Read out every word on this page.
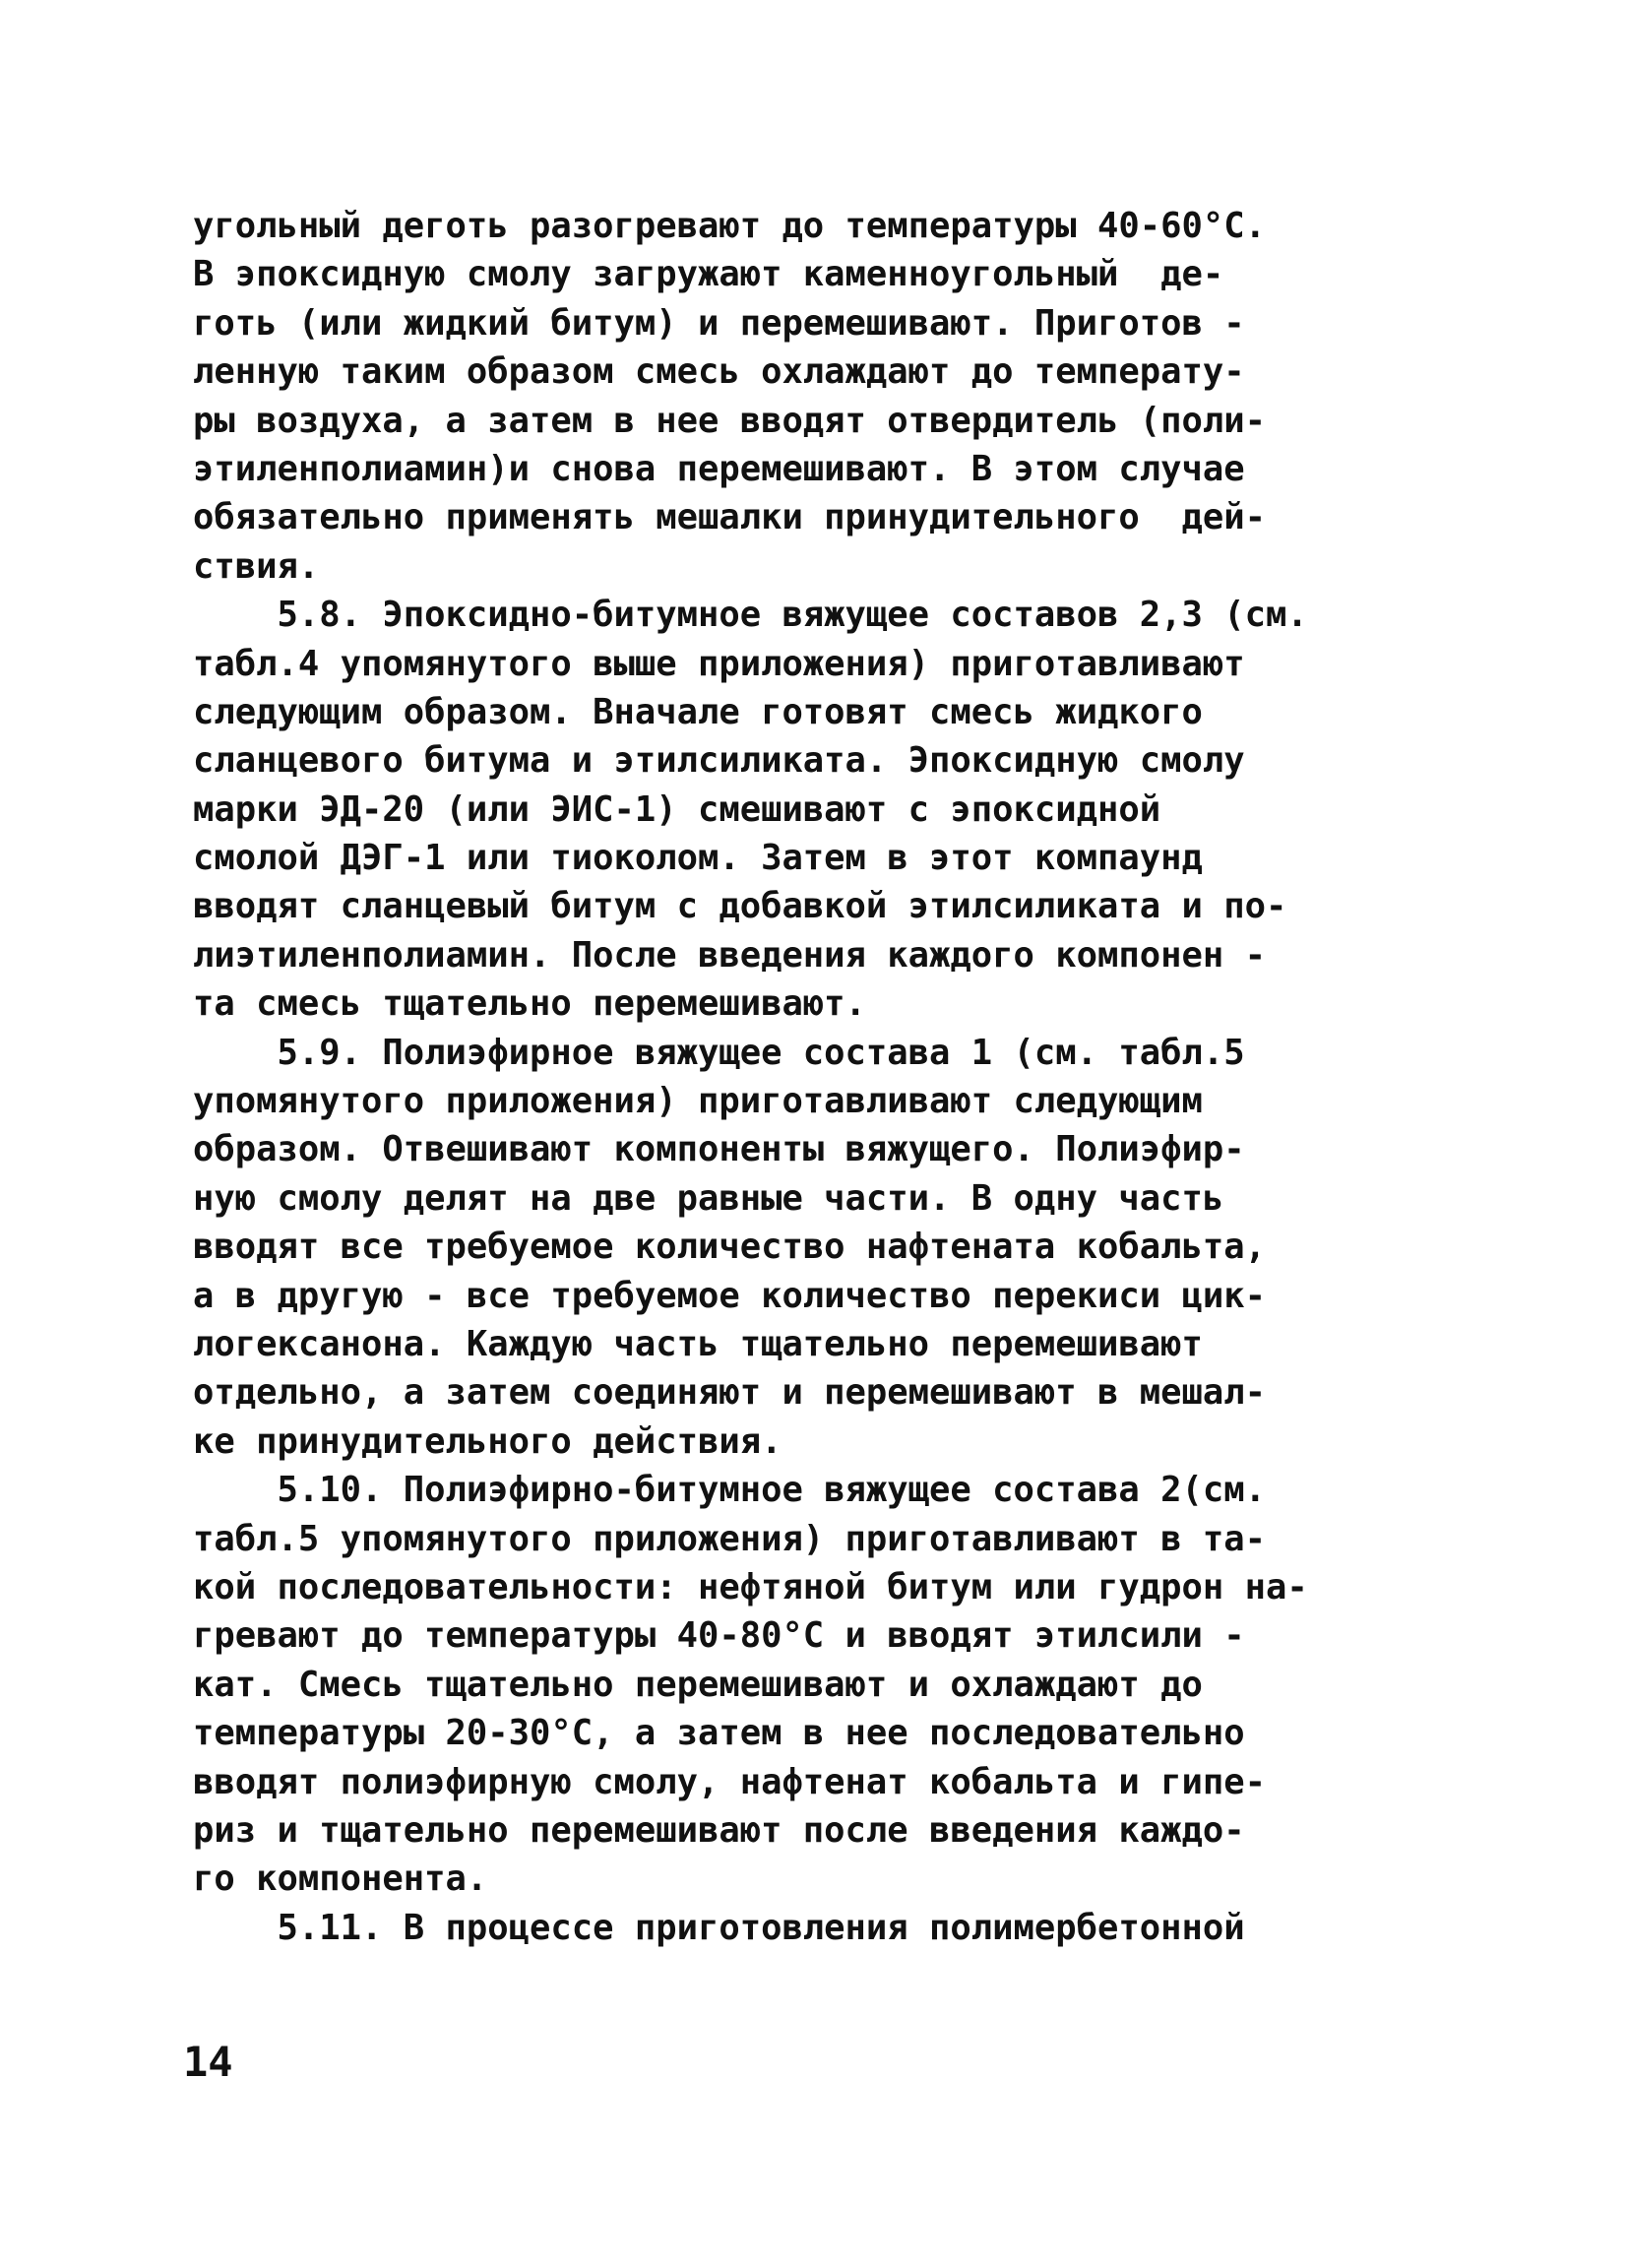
угольный деготь разогревают до температуры 40-60°С.
В эпоксидную смолу загружают каменноугольный  де-
готь (или жидкий битум) и перемешивают. Приготов -
ленную таким образом смесь охлаждают до температу-
ры воздуха, а затем в нее вводят отвердитель (поли-
этиленполиамин)и снова перемешивают. В этом случае
обязательно применять мешалки принудительного  дей-
ствия.
5.8. Эпоксидно-битумное вяжущее составов 2,3 (см.
табл.4 упомянутого выше приложения) приготавливают
следующим образом. Вначале готовят смесь жидкого
сланцевого битума и этилсиликата. Эпоксидную смолу
марки ЭД-20 (или ЭИС-1) смешивают с эпоксидной
смолой ДЭГ-1 или тиоколом. Затем в этот компаунд
вводят сланцевый битум с добавкой этилсиликата и по-
лиэтиленполиамин. После введения каждого компонен -
та смесь тщательно перемешивают.
5.9. Полиэфирное вяжущее состава 1 (см. табл.5
упомянутого приложения) приготавливают следующим
образом. Отвешивают компоненты вяжущего. Полиэфир-
ную смолу делят на две равные части. В одну часть
вводят все требуемое количество нафтената кобальта,
а в другую - все требуемое количество перекиси цик-
логексанона. Каждую часть тщательно перемешивают
отдельно, а затем соединяют и перемешивают в мешал-
ке принудительного действия.
5.10. Полиэфирно-битумное вяжущее состава 2(см.
табл.5 упомянутого приложения) приготавливают в та-
кой последовательности: нефтяной битум или гудрон на-
гревают до температуры 40-80°С и вводят этилсили -
кат. Смесь тщательно перемешивают и охлаждают до
температуры 20-30°С, а затем в нее последовательно
вводят полиэфирную смолу, нафтенат кобальта и гипе-
риз и тщательно перемешивают после введения каждо-
го компонента.
5.11. В процессе приготовления полимербетонной
14
